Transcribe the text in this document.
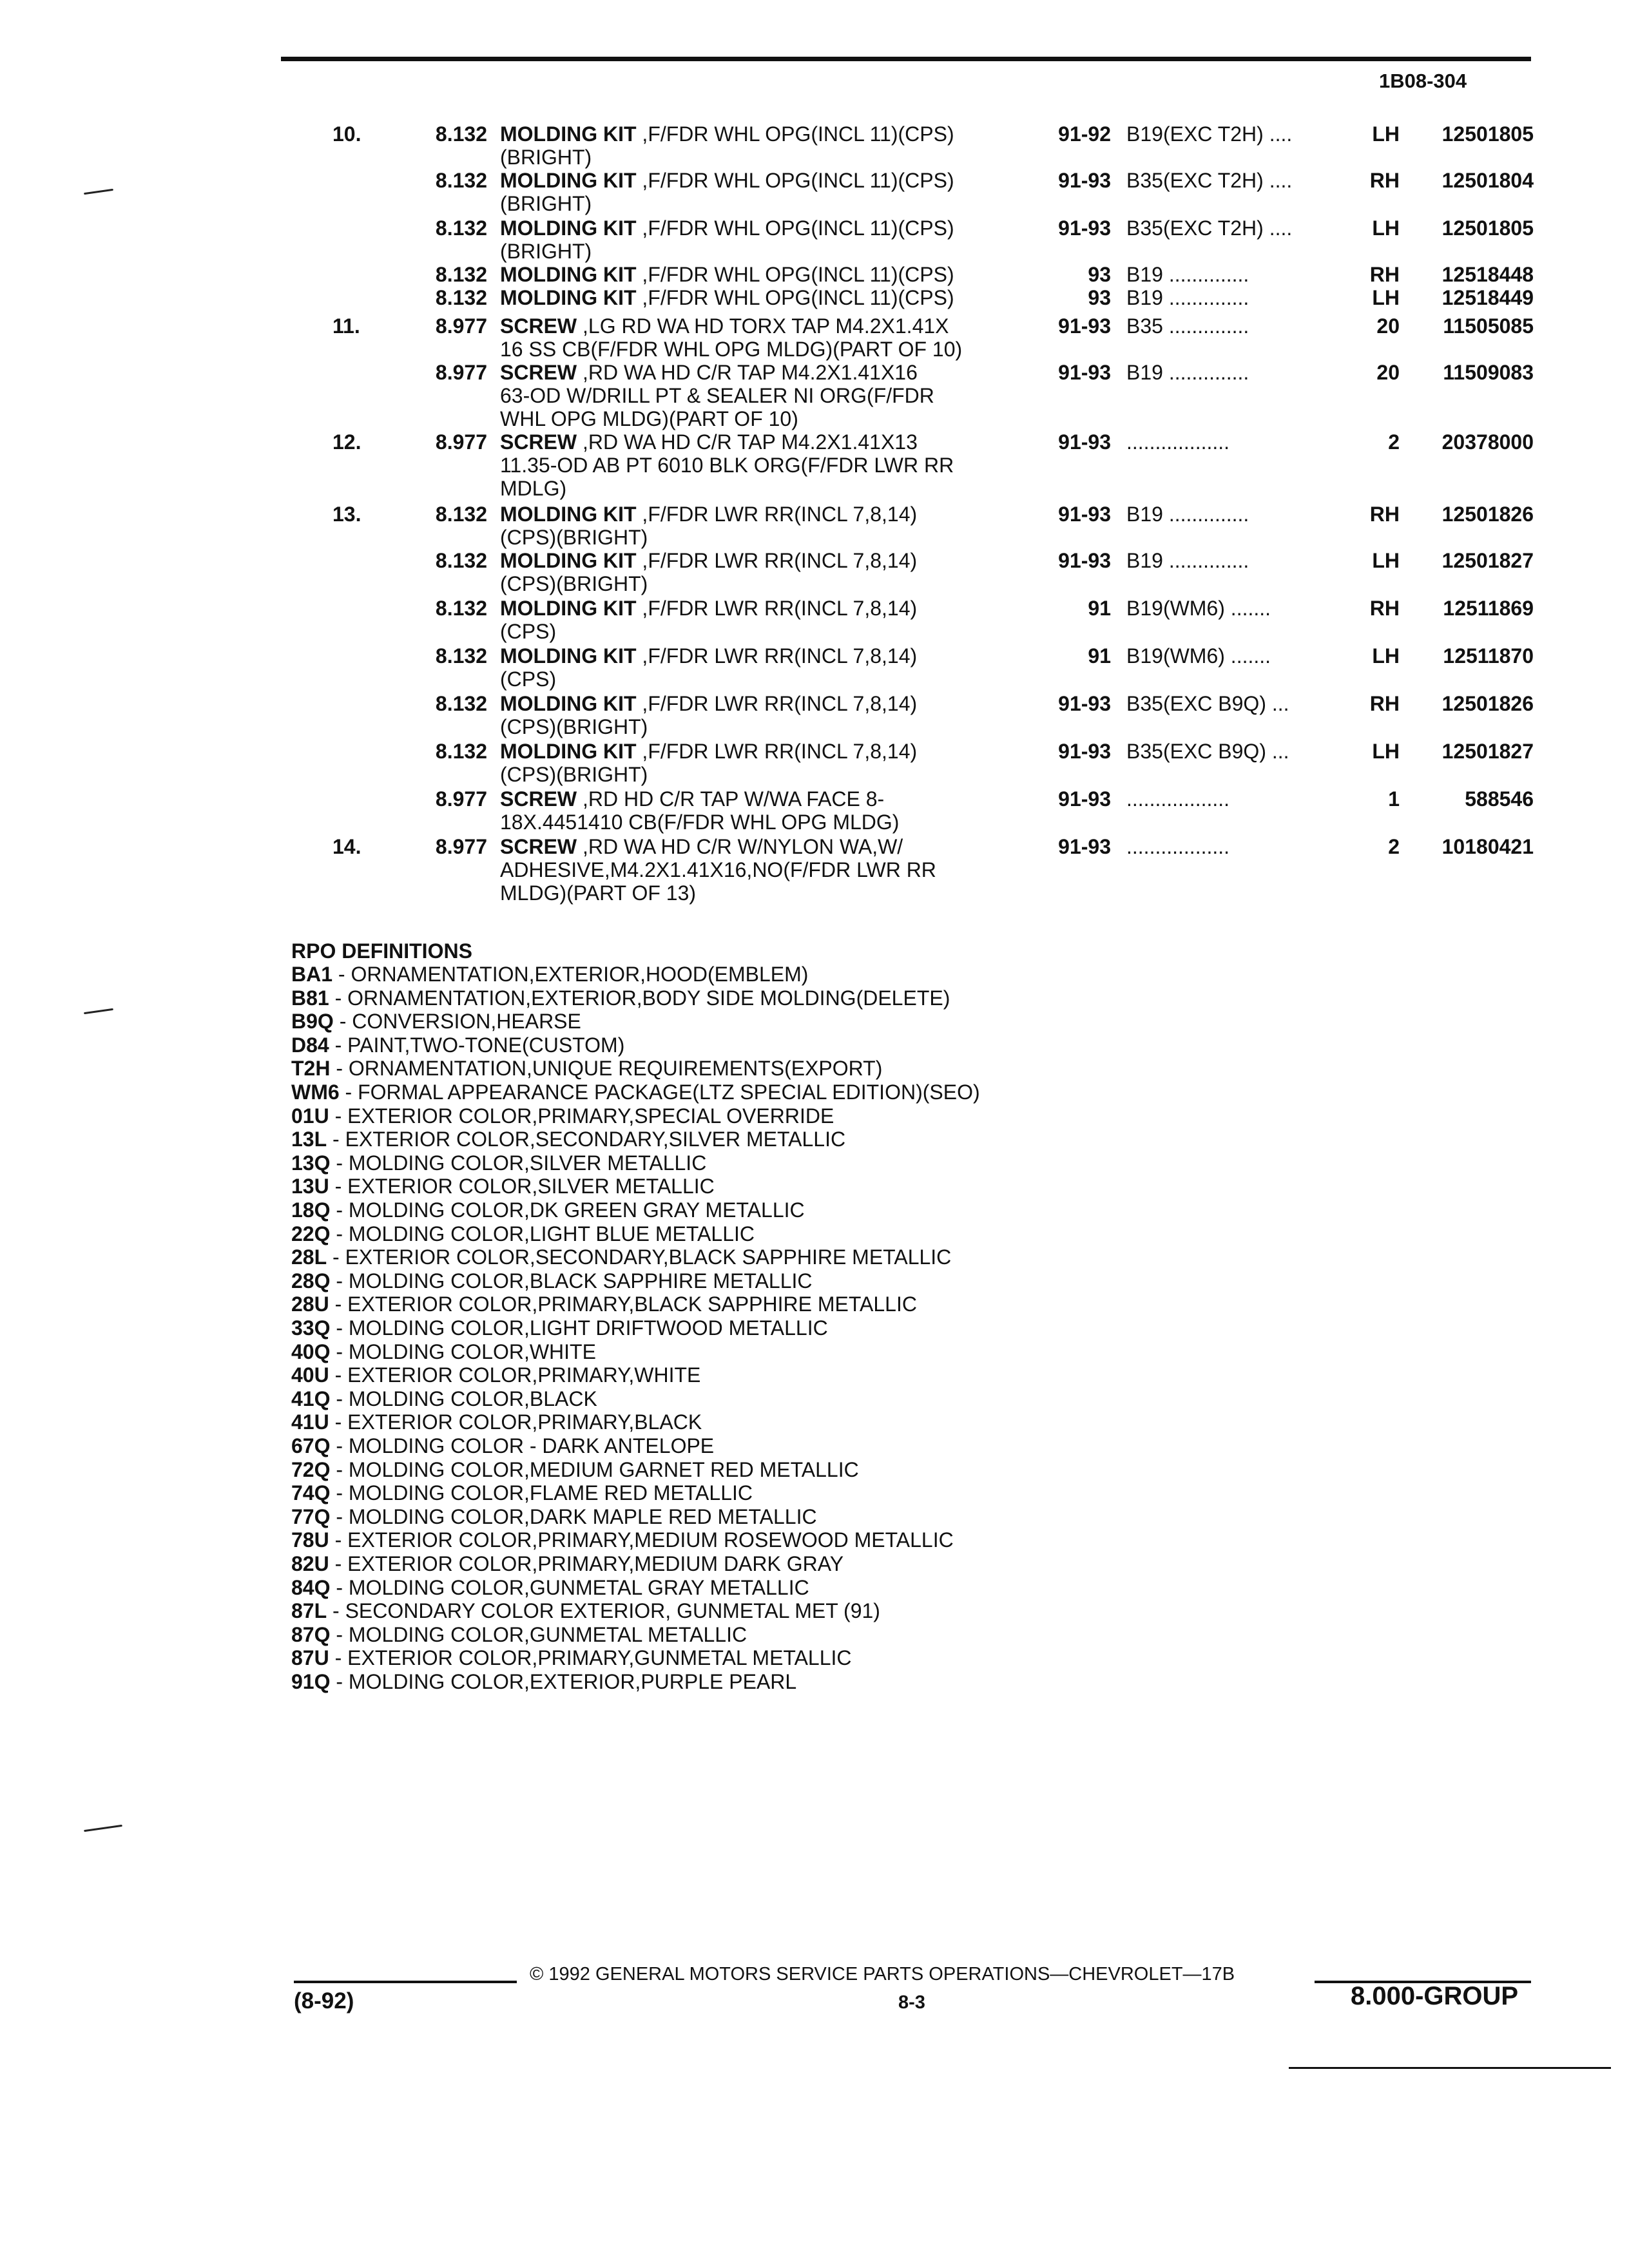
1B08-304
10.	8.132 MOLDING KIT ,F/FDR WHL OPG(INCL 11)(CPS)
(BRIGHT)
91-92 B19(EXC T2H) ....	LH	12501805
8.132 MOLDING KIT ,F/FDR WHL OPG(INCL 11)(CPS)
(BRIGHT)
91-93 B35(EXC T2H) ....	RH	12501804
8.132 MOLDING KIT ,F/FDR WHL OPG(INCL 11)(CPS)
(BRIGHT)
91-93 B35(EXC T2H) ....	LH	12501805
8.132 MOLDING KIT ,F/FDR WHL OPG(INCL 11)(CPS)	93 B19 ..............	RH	12518448
8.132 MOLDING KIT ,F/FDR WHL OPG(INCL 11)(CPS)	93 B19 ..............	LH	12518449
11.	8.977 SCREW ,LG RD WA HD TORX TAP M4.2X1.41X
16 SS CB(F/FDR WHL OPG MLDG)(PART OF 10)
91-93 B35 ..............	20	11505085
8.977 SCREW ,RD WA HD C/R TAP M4.2X1.41X16
63-OD W/DRILL PT & SEALER NI ORG(F/FDR
WHL OPG MLDG)(PART OF 10)
91-93 B19 ..............	20	11509083
12.	8.977 SCREW ,RD WA HD C/R TAP M4.2X1.41X13
11.35-OD AB PT 6010 BLK ORG(F/FDR LWR RR
MDLG)
91-93 ..................	2	20378000
13.	8.132 MOLDING KIT ,F/FDR LWR RR(INCL 7,8,14)
(CPS)(BRIGHT)
91-93 B19 ..............	RH	12501826
8.132 MOLDING KIT ,F/FDR LWR RR(INCL 7,8,14)
(CPS)(BRIGHT)
91-93 B19 ..............	LH	12501827
8.132 MOLDING KIT ,F/FDR LWR RR(INCL 7,8,14)
(CPS)
91 B19(WM6) .......	RH	12511869
8.132 MOLDING KIT ,F/FDR LWR RR(INCL 7,8,14)
(CPS)
91 B19(WM6) .......	LH	12511870
8.132 MOLDING KIT ,F/FDR LWR RR(INCL 7,8,14)
(CPS)(BRIGHT)
91-93 B35(EXC B9Q) ...	RH	12501826
8.132 MOLDING KIT ,F/FDR LWR RR(INCL 7,8,14)
(CPS)(BRIGHT)
91-93 B35(EXC B9Q) ...	LH	12501827
8.977 SCREW ,RD HD C/R TAP W/WA FACE 8-
18X.4451410 CB(F/FDR WHL OPG MLDG)
91-93 ..................	1	588546
14.	8.977 SCREW ,RD WA HD C/R W/NYLON WA,W/
ADHESIVE,M4.2X1.41X16,NO(F/FDR LWR RR
MLDG)(PART OF 13)
91-93 ..................	2	10180421
RPO DEFINITIONS
BA1 - ORNAMENTATION,EXTERIOR,HOOD(EMBLEM)
B81 - ORNAMENTATION,EXTERIOR,BODY SIDE MOLDING(DELETE)
B9Q - CONVERSION,HEARSE
D84 - PAINT,TWO-TONE(CUSTOM)
T2H - ORNAMENTATION,UNIQUE REQUIREMENTS(EXPORT)
WM6 - FORMAL APPEARANCE PACKAGE(LTZ SPECIAL EDITION)(SEO)
01U - EXTERIOR COLOR,PRIMARY,SPECIAL OVERRIDE
13L - EXTERIOR COLOR,SECONDARY,SILVER METALLIC
13Q - MOLDING COLOR,SILVER METALLIC
13U - EXTERIOR COLOR,SILVER METALLIC
18Q - MOLDING COLOR,DK GREEN GRAY METALLIC
22Q - MOLDING COLOR,LIGHT BLUE METALLIC
28L - EXTERIOR COLOR,SECONDARY,BLACK SAPPHIRE METALLIC
28Q - MOLDING COLOR,BLACK SAPPHIRE METALLIC
28U - EXTERIOR COLOR,PRIMARY,BLACK SAPPHIRE METALLIC
33Q - MOLDING COLOR,LIGHT DRIFTWOOD METALLIC
40Q - MOLDING COLOR,WHITE
40U - EXTERIOR COLOR,PRIMARY,WHITE
41Q - MOLDING COLOR,BLACK
41U - EXTERIOR COLOR,PRIMARY,BLACK
67Q - MOLDING COLOR - DARK ANTELOPE
72Q - MOLDING COLOR,MEDIUM GARNET RED METALLIC
74Q - MOLDING COLOR,FLAME RED METALLIC
77Q - MOLDING COLOR,DARK MAPLE RED METALLIC
78U - EXTERIOR COLOR,PRIMARY,MEDIUM ROSEWOOD METALLIC
82U - EXTERIOR COLOR,PRIMARY,MEDIUM DARK GRAY
84Q - MOLDING COLOR,GUNMETAL GRAY METALLIC
87L - SECONDARY COLOR EXTERIOR, GUNMETAL MET (91)
87Q - MOLDING COLOR,GUNMETAL METALLIC
87U - EXTERIOR COLOR,PRIMARY,GUNMETAL METALLIC
91Q - MOLDING COLOR,EXTERIOR,PURPLE PEARL
© 1992 GENERAL MOTORS SERVICE PARTS OPERATIONS—CHEVROLET—17B
(8-92)	8-3	8.000-GROUP
